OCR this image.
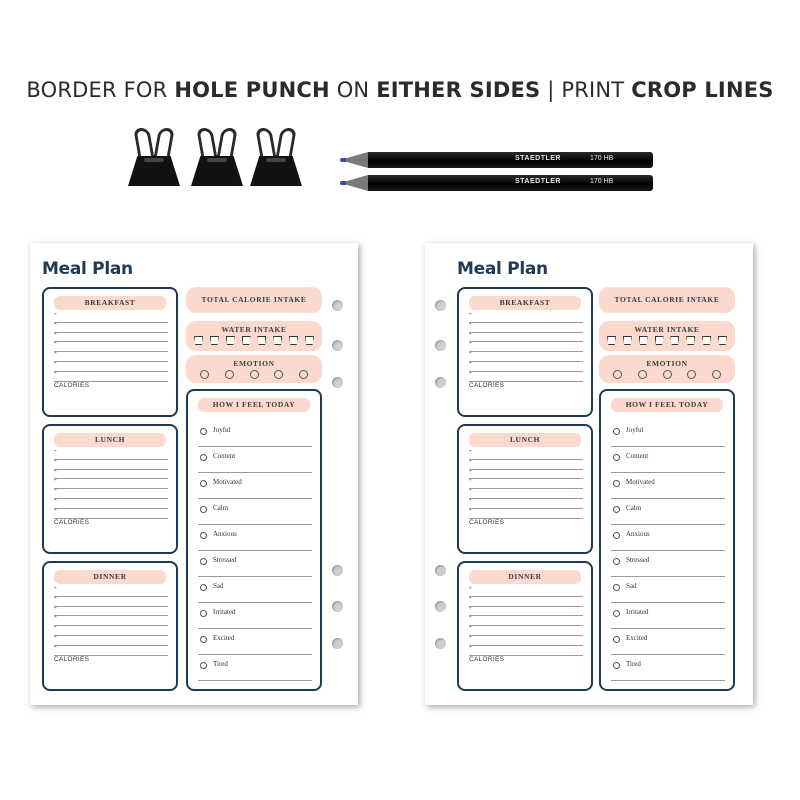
BORDER FOR HOLE PUNCH ON EITHER SIDES | PRINT CROP LINES
STAEDTLER	170 HB
STAEDTLER	170 HB
Meal Plan
BREAKFAST
-
-
-
-
-
-
-
CALORIES
LUNCH
-
-
-
-
-
-
-
CALORIES
DINNER
-
-
-
-
-
-
-
CALORIES
TOTAL CALORIE INTAKE
WATER INTAKE
EMOTION
HOW I FEEL TODAY
Joyful
Content
Motivated
Calm
Anxious
Stressed
Sad
Irritated
Excited
Tired
Meal Plan
BREAKFAST
-
-
-
-
-
-
-
CALORIES
LUNCH
-
-
-
-
-
-
-
CALORIES
DINNER
-
-
-
-
-
-
-
CALORIES
TOTAL CALORIE INTAKE
WATER INTAKE
EMOTION
HOW I FEEL TODAY
Joyful
Content
Motivated
Calm
Anxious
Stressed
Sad
Irritated
Excited
Tired
